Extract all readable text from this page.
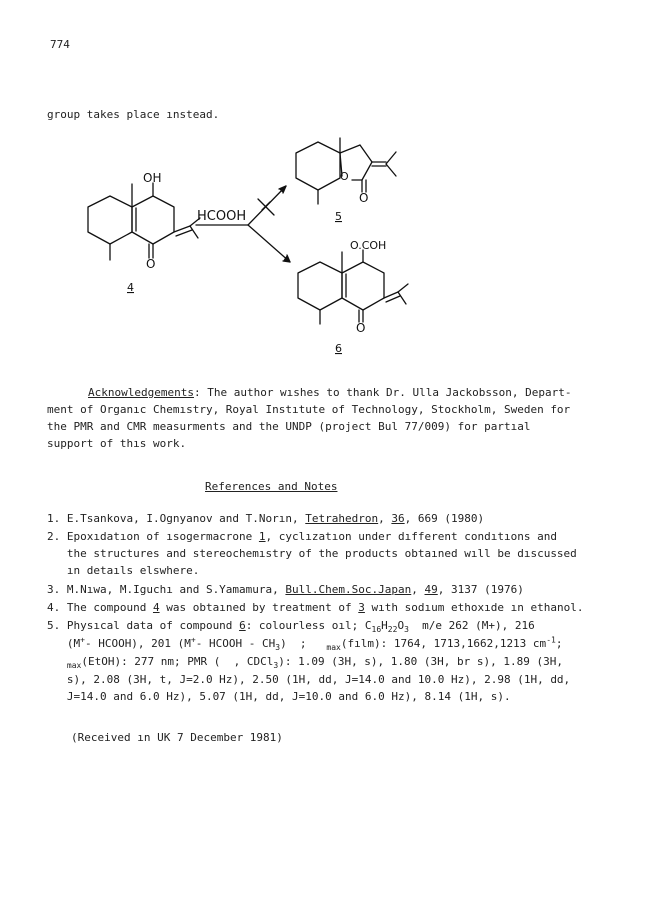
774
group takes place ınstead.
OH
O
HCOOH
O
O
O.COH
O
4
5
6
Acknowledgements: The author wıshes to thank Dr. Ulla Jackobsson, Depart-
ment of Organıc Chemıstry, Royal Instıtute of Technology, Stockholm, Sweden for
the PMR and CMR measurments and the UNDP (project Bul 77/009) for partıal
support of thıs work.
References and Notes
1. E.Tsankova, I.Ognyanov and T.Norın, Tetrahedron, 36, 669 (1980)
2. Epoxıdatıon of ısogermacrone 1, cyclızatıon under dıfferent condıtıons and
the structures and stereochemıstry of the products obtaıned wıll be dıscussed
ın detaıls elswhere.
3. M.Nıwa, M.Iguchı and S.Yamamura, Bull.Chem.Soc.Japan, 49, 3137 (1976)
4. The compound 4 was obtaıned by treatment of 3 wıth sodıum ethoxıde ın ethanol.
5. Physıcal data of compound 6: colourless oıl; $C_{16}H_{22}O_3$  m/e 262 (M+), 216
(M+- HCOOH), 201 (M+- HCOOH - $CH_3$)  ;   $_{max}$(fılm): 1764, 1713,1662,1213 $cm^{-1}$;
$_{max}$(EtOH): 277 nm; PMR (  , CDCl$_3$): 1.09 (3H, s), 1.80 (3H, br s), 1.89 (3H,
s), 2.08 (3H, t, J=2.0 Hz), 2.50 (1H, dd, J=14.0 and 10.0 Hz), 2.98 (1H, dd,
J=14.0 and 6.0 Hz), 5.07 (1H, dd, J=10.0 and 6.0 Hz), 8.14 (1H, s).
(Received ın UK 7 December 1981)
